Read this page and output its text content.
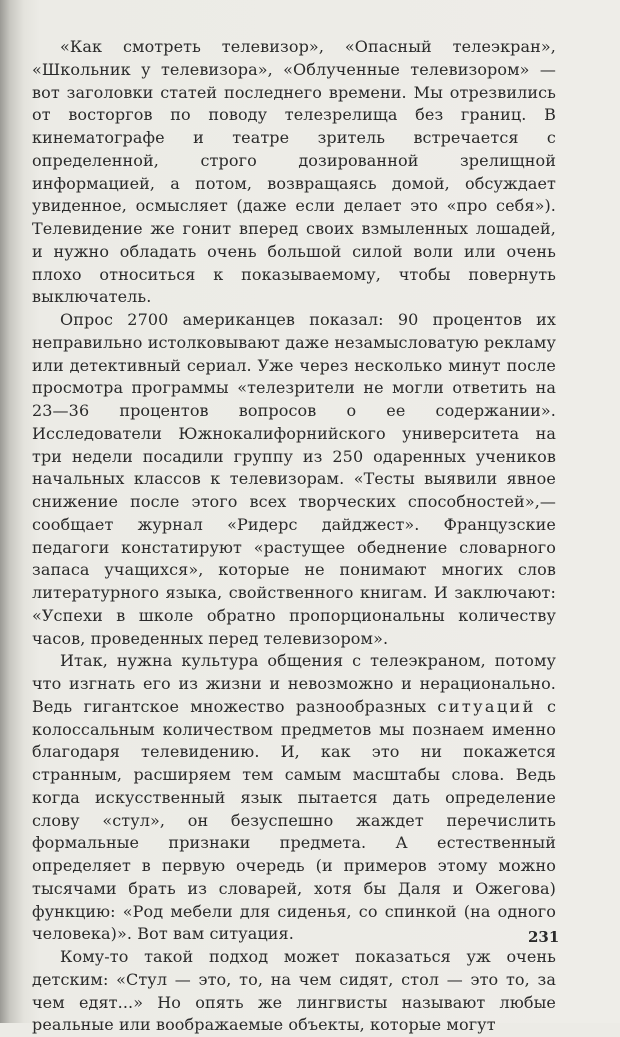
«Как смотреть телевизор», «Опасный телеэкран», «Школьник у телевизора», «Облученные телевизором» — вот заголовки статей последнего времени. Мы отрезвились от восторгов по поводу телезрелища без границ. В кинематографе и театре зритель встречается с определенной, строго дозированной зрелищной информацией, а потом, возвращаясь домой, обсуждает увиденное, осмысляет (даже если делает это «про себя»). Телевидение же гонит вперед своих взмыленных лошадей, и нужно обладать очень большой силой воли или очень плохо относиться к показываемому, чтобы повернуть выключатель.

Опрос 2700 американцев показал: 90 процентов их неправильно истолковывают даже незамысловатую рекламу или детективный сериал. Уже через несколько минут после просмотра программы «телезрители не могли ответить на 23—36 процентов вопросов о ее содержании». Исследователи Южнокалифорнийского университета на три недели посадили группу из 250 одаренных учеников начальных классов к телевизорам. «Тесты выявили явное снижение после этого всех творческих способностей»,— сообщает журнал «Ридерс дайджест». Французские педагоги констатируют «растущее обеднение словарного запаса учащихся», которые не понимают многих слов литературного языка, свойственного книгам. И заключают: «Успехи в школе обратно пропорциональны количеству часов, проведенных перед телевизором».

Итак, нужна культура общения с телеэкраном, потому что изгнать его из жизни и невозможно и нерационально. Ведь гигантское множество разнообразных ситуаций с колоссальным количеством предметов мы познаем именно благодаря телевидению. И, как это ни покажется странным, расширяем тем самым масштабы слова. Ведь когда искусственный язык пытается дать определение слову «стул», он безуспешно жаждет перечислить формальные признаки предмета. А естественный определяет в первую очередь (и примеров этому можно тысячами брать из словарей, хотя бы Даля и Ожегова) функцию: «Род мебели для сиденья, со спинкой (на одного человека)». Вот вам ситуация.

Кому-то такой подход может показаться уж очень детским: «Стул — это, то, на чем сидят, стол — это то, за чем едят...» Но опять же лингвисты называют любые реальные или воображаемые объекты, которые могут

231
